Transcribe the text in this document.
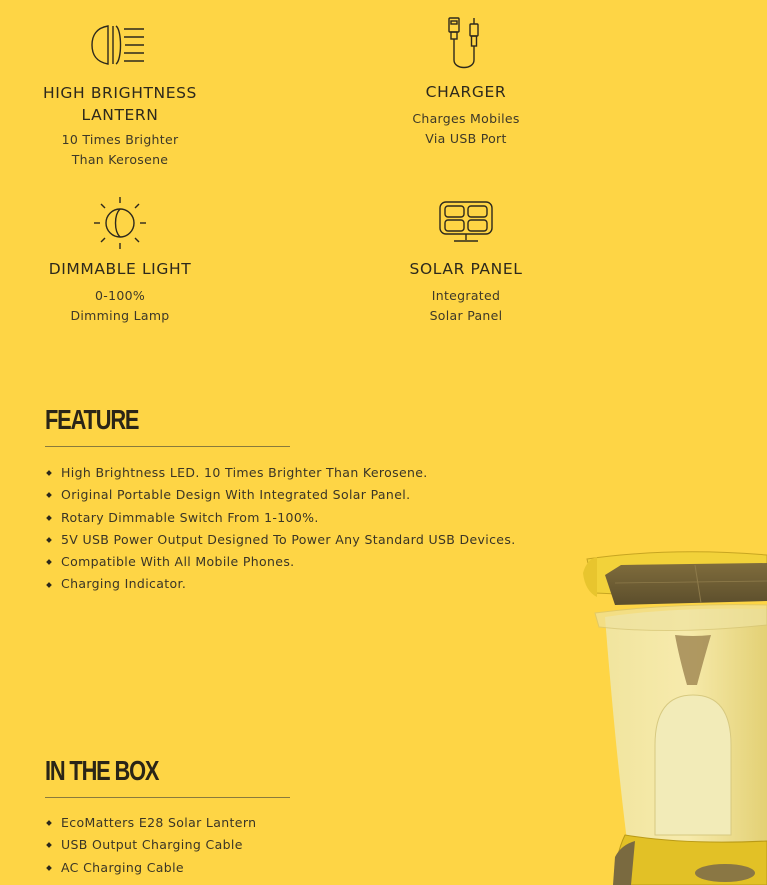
HIGH BRIGHTNESS
LANTERN
10 Times Brighter
Than Kerosene
CHARGER
Charges Mobiles
Via USB Port
DIMMABLE LIGHT
0-100%
Dimming Lamp
SOLAR PANEL
Integrated
Solar Panel
FEATURE
High Brightness LED. 10 Times Brighter Than Kerosene.
Original Portable Design With Integrated Solar Panel.
Rotary Dimmable Switch From 1-100%.
5V USB Power Output Designed To Power Any Standard USB Devices.
Compatible With All Mobile Phones.
Charging Indicator.
IN THE BOX
EcoMatters E28 Solar Lantern
USB Output Charging Cable
AC Charging Cable
